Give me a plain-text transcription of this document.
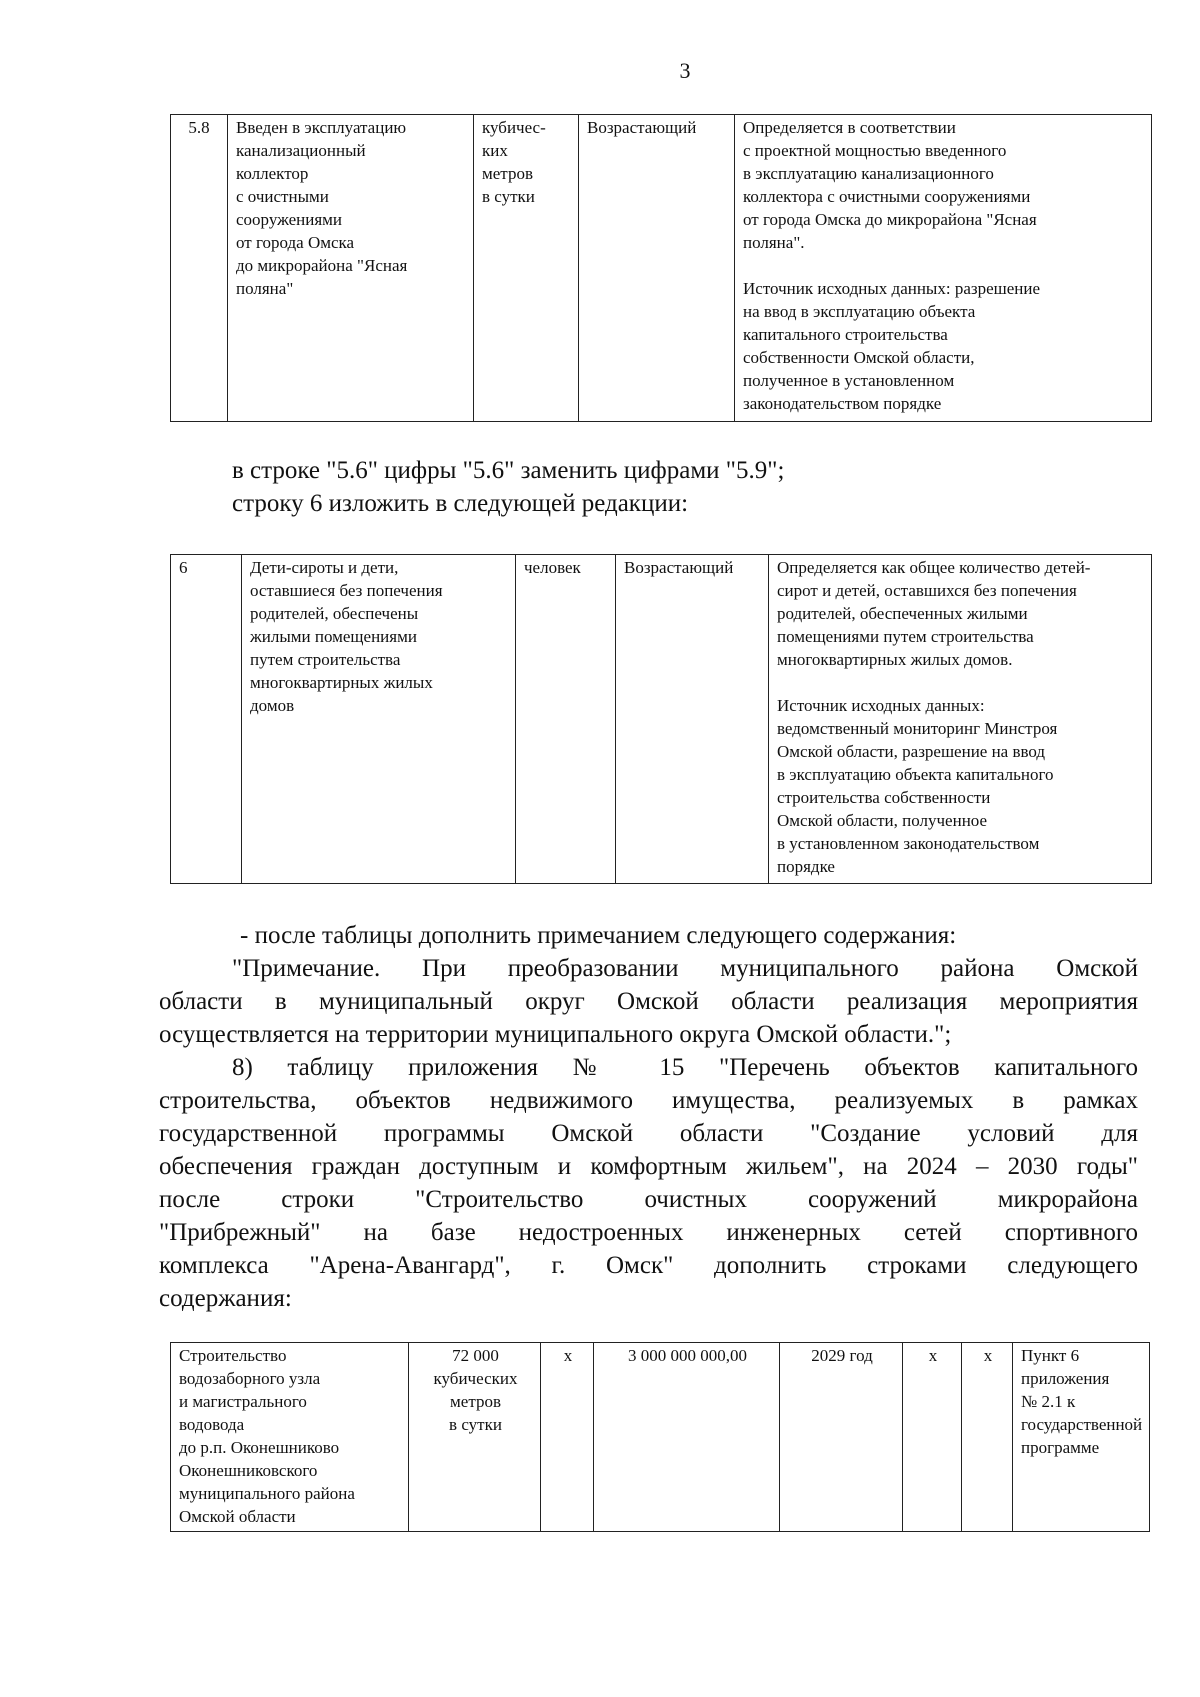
3
5.8	Введен в эксплуатацию
канализационный
коллектор
с очистными
сооружениями
от города Омска
до микрорайона "Ясная
поляна"	кубичес-
ких
метров
в сутки	Возрастающий	Определяется в соответствии
с проектной мощностью введенного
в эксплуатацию канализационного
коллектора с очистными сооружениями
от города Омска до микрорайона "Ясная
поляна".

Источник исходных данных: разрешение
на ввод в эксплуатацию объекта
капитального строительства
собственности Омской области,
полученное в установленном
законодательством порядке

в строке "5.6" цифры "5.6" заменить цифрами "5.9";

строку 6 изложить в следующей редакции:

6	Дети-сироты и дети,
оставшиеся без попечения
родителей, обеспечены
жилыми помещениями
путем строительства
многоквартирных жилых
домов	человек	Возрастающий	Определяется как общее количество детей-
сирот и детей, оставшихся без попечения
родителей, обеспеченных жилыми
помещениями путем строительства
многоквартирных жилых домов.

Источник исходных данных:
ведомственный мониторинг Минстроя
Омской области, разрешение на ввод
в эксплуатацию объекта капитального
строительства собственности
Омской области, полученное
в установленном законодательством
порядке

- после таблицы дополнить примечанием следующего содержания:

"Примечание. При преобразовании муниципального района Омской

области в муниципальный округ Омской области реализация мероприятия

осуществляется на территории муниципального округа Омской области.";

8) таблицу приложения № 15 "Перечень объектов капитального

строительства, объектов недвижимого имущества, реализуемых в рамках

государственной программы Омской области "Создание условий для

обеспечения граждан доступным и комфортным жильем", на 2024 – 2030 годы"

после строки "Строительство очистных сооружений микрорайона

"Прибрежный" на базе недостроенных инженерных сетей спортивного

комплекса "Арена-Авангард", г. Омск" дополнить строками следующего

содержания:

Строительство
водозаборного узла
и магистрального
водовода
до р.п. Оконешниково
Оконешниковского
муниципального района
Омской области	72 000
кубических
метров
в сутки	х	3 000 000 000,00	2029 год	х	х	Пункт 6
приложения
№ 2.1 к
государственной
программе
